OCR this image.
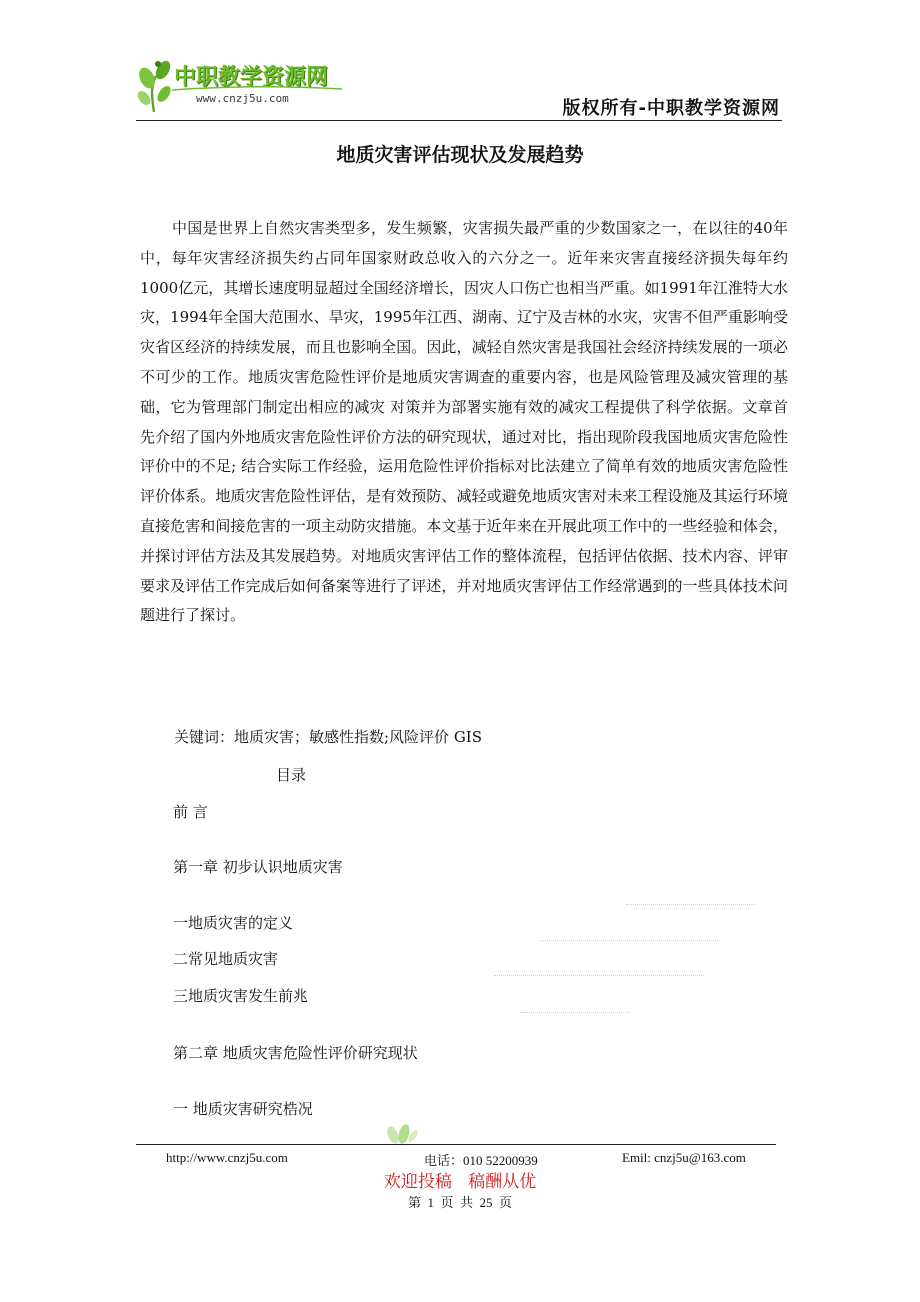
中职教学资源网
www.cnzj5u.com	版权所有-中职教学资源网
地质灾害评估现状及发展趋势

中国是世界上自然灾害类型多，发生频繁，灾害损失最严重的少数国家之一，在以往的40年中，每年灾害经济损失约占同年国家财政总收入的六分之一。近年来灾害直接经济损失每年约1000亿元，其增长速度明显超过全国经济增长，因灾人口伤亡也相当严重。如1991年江淮特大水灾，1994年全国大范围水、旱灾，1995年江西、湖南、辽宁及吉林的水灾，灾害不但严重影响受灾省区经济的持续发展，而且也影响全国。因此，减轻自然灾害是我国社会经济持续发展的一项必不可少的工作。地质灾害危险性评价是地质灾害调查的重要内容，也是风险管理及减灾管理的基础，它为管理部门制定出相应的减灾 对策并为部署实施有效的减灾工程提供了科学依据。文章首先介绍了国内外地质灾害危险性评价方法的研究现状，通过对比，指出现阶段我国地质灾害危险性评价中的不足; 结合实际工作经验，运用危险性评价指标对比法建立了简单有效的地质灾害危险性评价体系。地质灾害危险性评估，是有效预防、减轻或避免地质灾害对未来工程设施及其运行环境直接危害和间接危害的一项主动防灾措施。本文基于近年来在开展此项工作中的一些经验和体会，并探讨评估方法及其发展趋势。对地质灾害评估工作的整体流程，包括评估依据、技术内容、评审要求及评估工作完成后如何备案等进行了评述，并对地质灾害评估工作经常遇到的一些具体技术问题进行了探讨。

关键词：地质灾害；敏感性指数;风险评价 GIS
目录
前 言
第一章 初步认识地质灾害
一地质灾害的定义
二常见地质灾害
三地质灾害发生前兆
第二章 地质灾害危险性评价研究现状
一 地质灾害研究梏况
http://www.cnzj5u.com	电话：010 52200939	Emil: cnzj5u@163.com
欢迎投稿   稿酬从优
第  1  页  共  25  页
